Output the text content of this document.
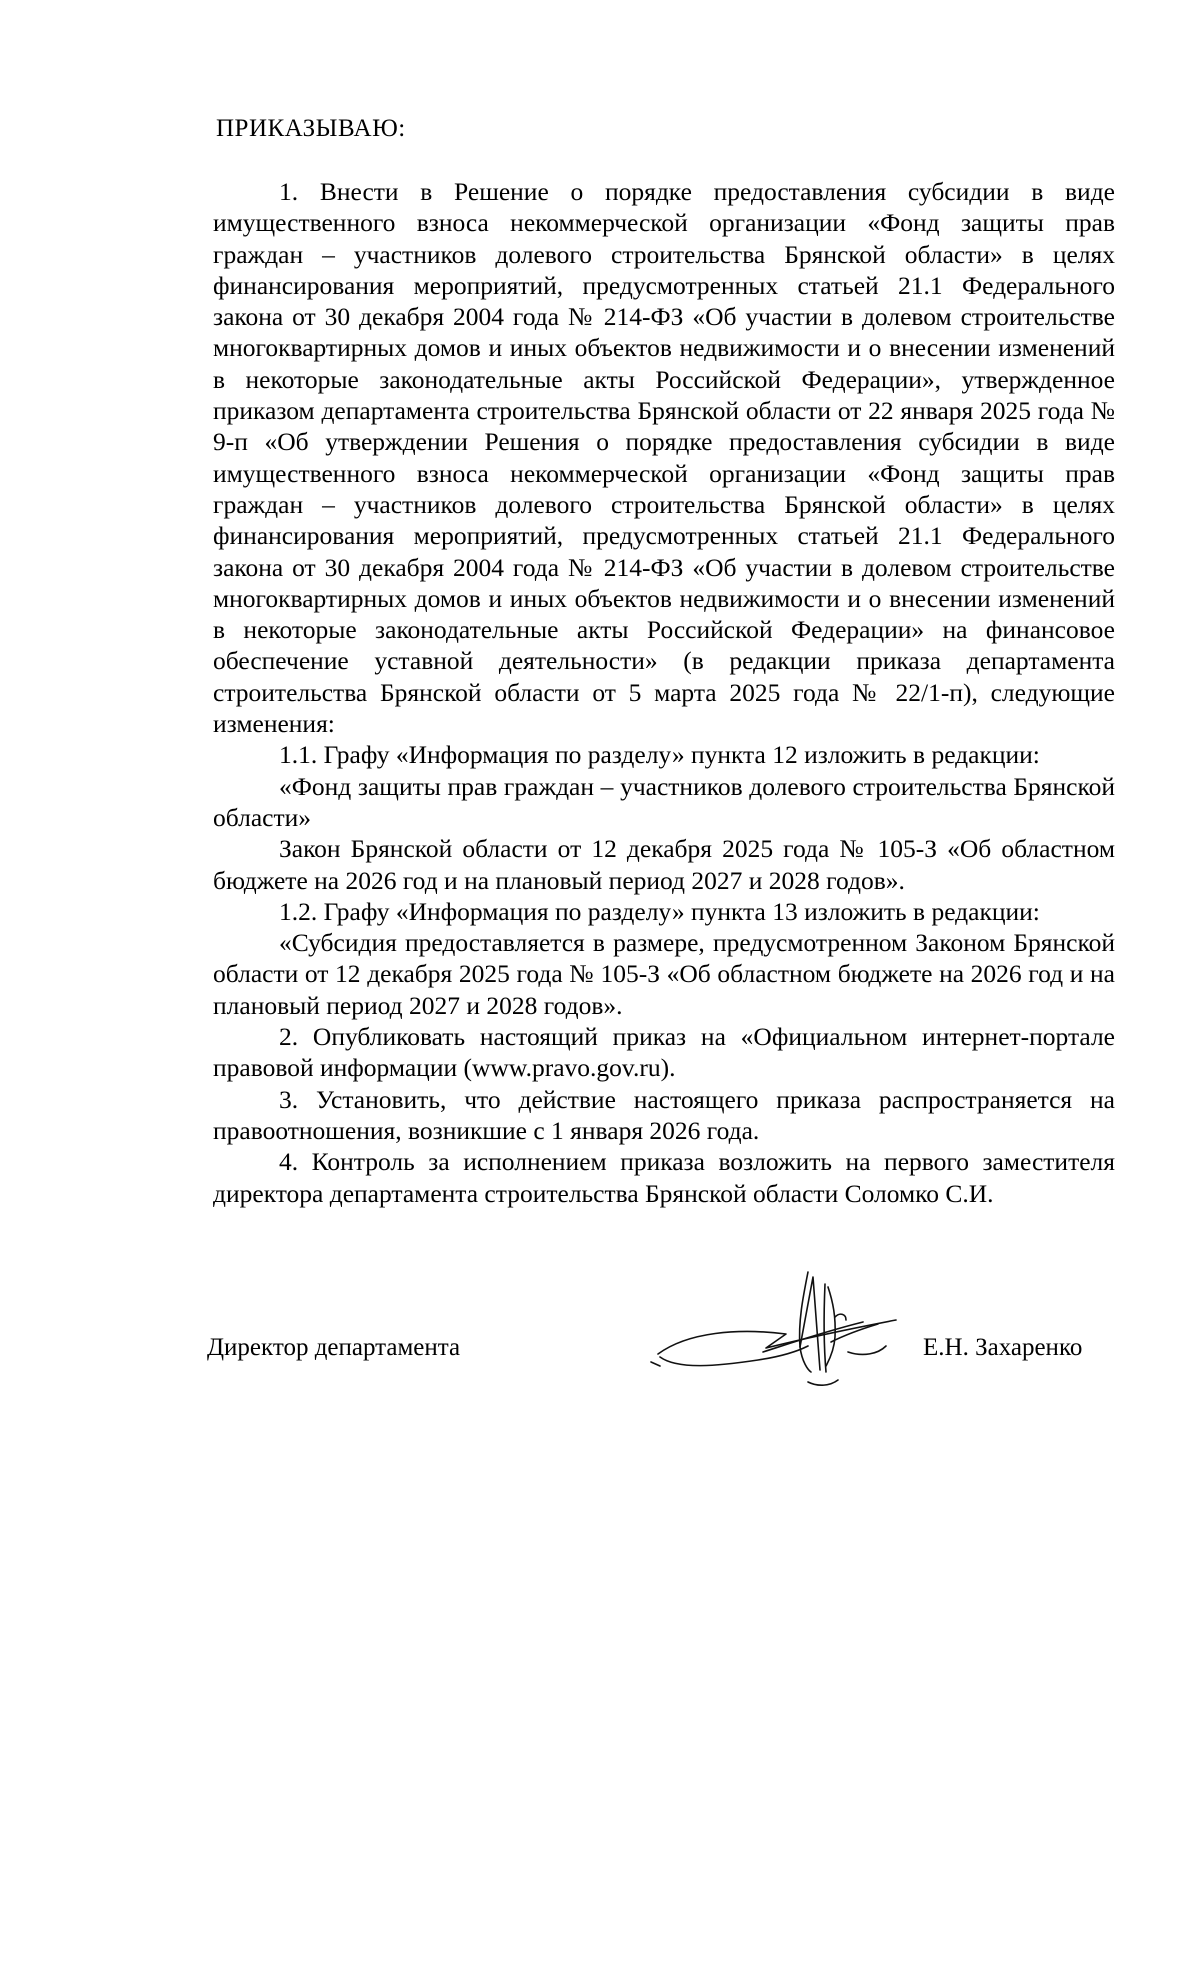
ПРИКАЗЫВАЮ:

1. Внести в Решение о порядке предоставления субсидии в виде имущественного взноса некоммерческой организации «Фонд защиты прав граждан – участников долевого строительства Брянской области» в целях финансирования мероприятий, предусмотренных статьей 21.1 Федерального закона от 30 декабря 2004 года № 214-ФЗ «Об участии в долевом строительстве многоквартирных домов и иных объектов недвижимости и о внесении изменений в некоторые законодательные акты Российской Федерации», утвержденное приказом департамента строительства Брянской области от 22 января 2025 года № 9-п «Об утверждении Решения о порядке предоставления субсидии в виде имущественного взноса некоммерческой организации «Фонд защиты прав граждан – участников долевого строительства Брянской области» в целях финансирования мероприятий, предусмотренных статьей 21.1 Федерального закона от 30 декабря 2004 года № 214-ФЗ «Об участии в долевом строительстве многоквартирных домов и иных объектов недвижимости и о внесении изменений в некоторые законодательные акты Российской Федерации» на финансовое обеспечение уставной деятельности» (в редакции приказа департамента строительства Брянской области от 5 марта 2025 года № 22/1-п), следующие изменения:

1.1. Графу «Информация по разделу» пункта 12 изложить в редакции:

«Фонд защиты прав граждан – участников долевого строительства Брянской области»

Закон Брянской области от 12 декабря 2025 года № 105-З «Об областном бюджете на 2026 год и на плановый период 2027 и 2028 годов».

1.2. Графу «Информация по разделу» пункта 13 изложить в редакции:

«Субсидия предоставляется в размере, предусмотренном Законом Брянской области от 12 декабря 2025 года № 105-З «Об областном бюджете на 2026 год и на плановый период 2027 и 2028 годов».

2. Опубликовать настоящий приказ на «Официальном интернет-портале правовой информации (www.pravo.gov.ru).

3. Установить, что действие настоящего приказа распространяется на правоотношения, возникшие с 1 января 2026 года.

4. Контроль за исполнением приказа возложить на первого заместителя директора департамента строительства Брянской области Соломко С.И.

Директор департамента	Е.Н. Захаренко
